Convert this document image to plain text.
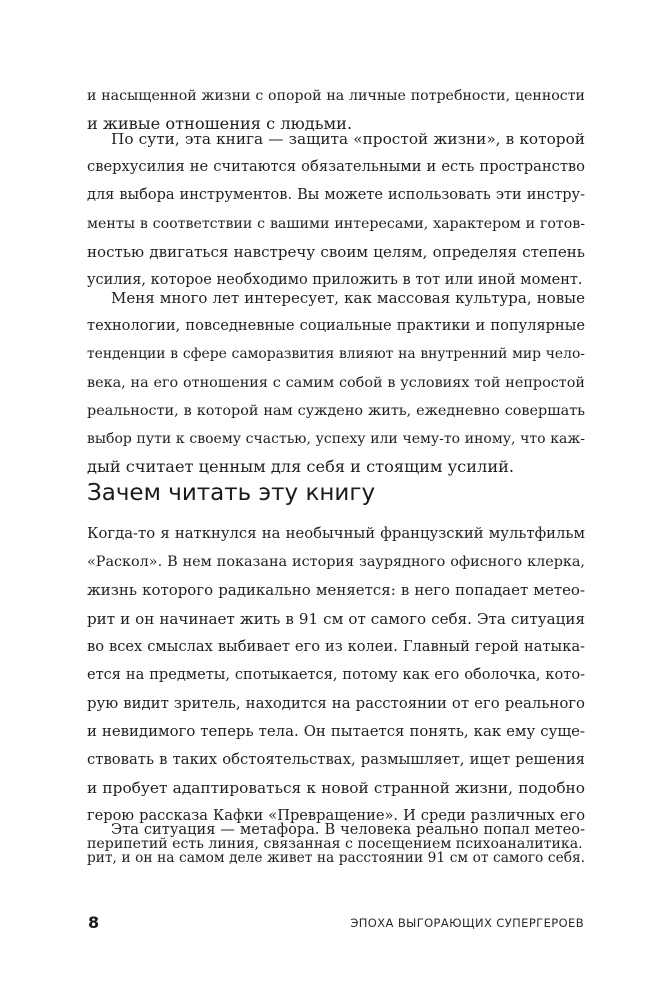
и насыщенной жизни с опорой на личные потребности, ценности
и живые отношения с людьми.
По сути, эта книга — защита «простой жизни», в которой
сверхусилия не считаются обязательными и есть пространство
для выбора инструментов. Вы можете использовать эти инстру-
менты в соответствии с вашими интересами, характером и готов-
ностью двигаться навстречу своим целям, определяя степень
усилия, которое необходимо приложить в тот или иной момент.
Меня много лет интересует, как массовая культура, новые
технологии, повседневные социальные практики и популярные
тенденции в сфере саморазвития влияют на внутренний мир чело-
века, на его отношения с самим собой в условиях той непростой
реальности, в которой нам суждено жить, ежедневно совершать
выбор пути к своему счастью, успеху или чему-то иному, что каж-
дый считает ценным для себя и стоящим усилий.
Зачем читать эту книгу
Когда-то я наткнулся на необычный французский мультфильм
«Раскол». В нем показана история заурядного офисного клерка,
жизнь которого радикально меняется: в него попадает метео-
рит и он начинает жить в 91 см от самого себя. Эта ситуация
во всех смыслах выбивает его из колеи. Главный герой натыка-
ется на предметы, спотыкается, потому как его оболочка, кото-
рую видит зритель, находится на расстоянии от его реального
и невидимого теперь тела. Он пытается понять, как ему суще-
ствовать в таких обстоятельствах, размышляет, ищет решения
и пробует адаптироваться к новой странной жизни, подобно
герою рассказа Кафки «Превращение». И среди различных его
перипетий есть линия, связанная с посещением психоаналитика.
Эта ситуация — метафора. В человека реально попал метео-
рит, и он на самом деле живет на расстоянии 91 см от самого себя.
8	ЭПОХА ВЫГОРАЮЩИХ СУПЕРГЕРОЕВ
